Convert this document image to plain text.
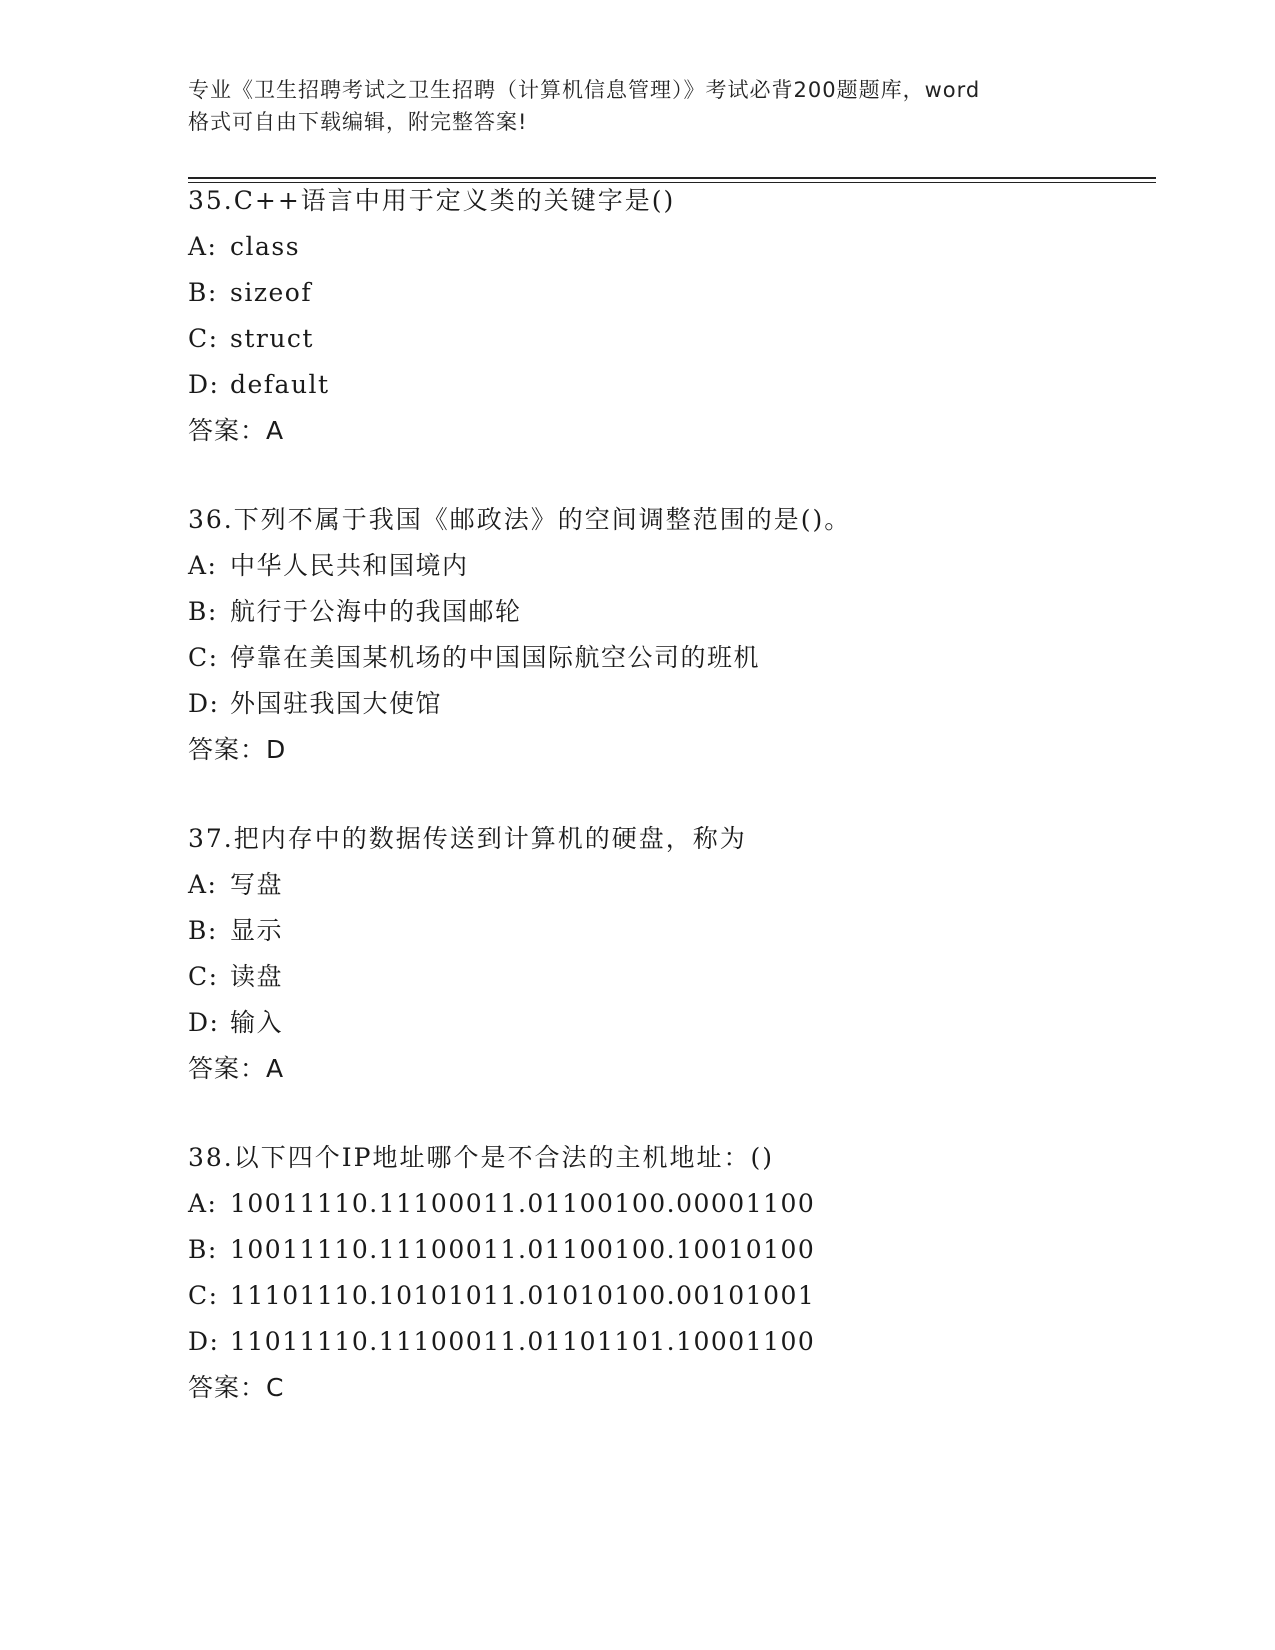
专业《卫生招聘考试之卫生招聘（计算机信息管理）》考试必背200题题库，word
格式可自由下载编辑，附完整答案!
35.C++语言中用于定义类的关键字是()
A: class
B: sizeof
C: struct
D: default
答案：A
36.下列不属于我国《邮政法》的空间调整范围的是()。
A: 中华人民共和国境内
B: 航行于公海中的我国邮轮
C: 停靠在美国某机场的中国国际航空公司的班机
D: 外国驻我国大使馆
答案：D
37.把内存中的数据传送到计算机的硬盘，称为
A: 写盘
B: 显示
C: 读盘
D: 输入
答案：A
38.以下四个IP地址哪个是不合法的主机地址：()
A: 10011110.11100011.01100100.00001100
B: 10011110.11100011.01100100.10010100
C: 11101110.10101011.01010100.00101001
D: 11011110.11100011.01101101.10001100
答案：C
